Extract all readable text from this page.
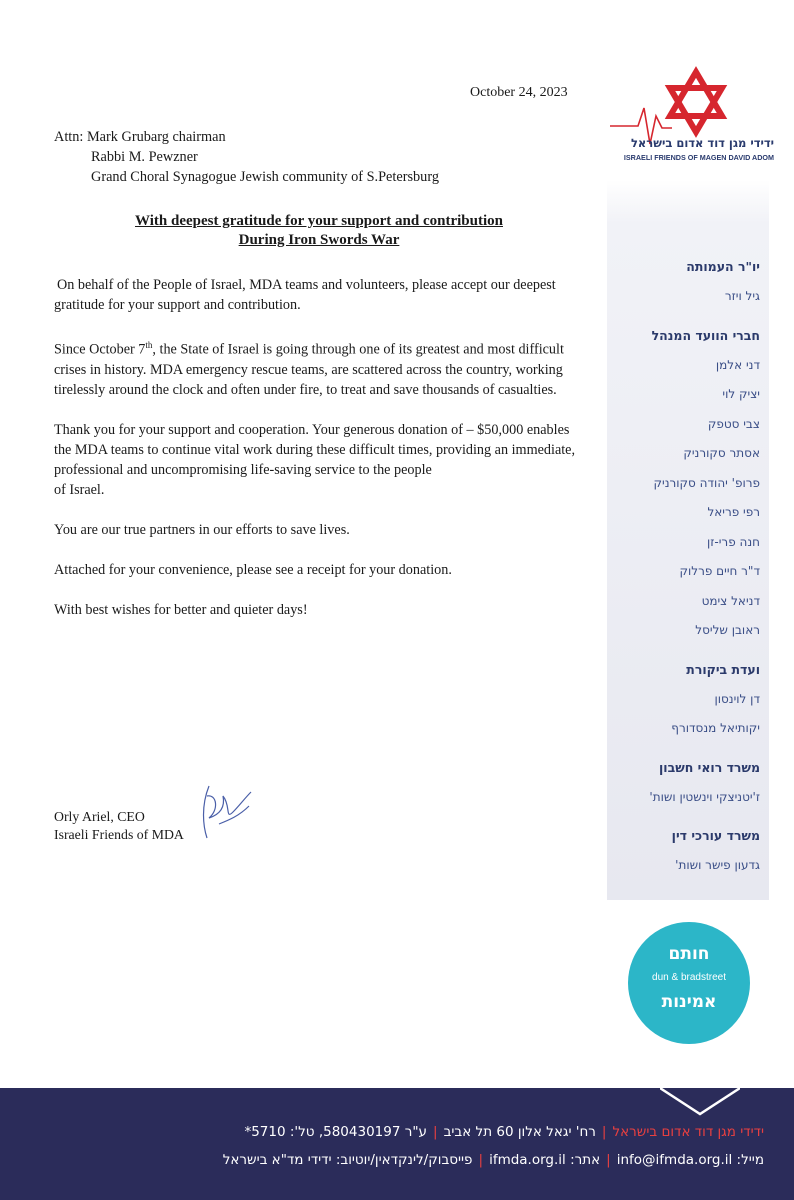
October 24, 2023
ידידי מגן דוד אדום בישראל
ISRAELI FRIENDS OF MAGEN DAVID ADOM
Attn: Mark Grubarg chairman
Rabbi M. Pewzner
Grand Choral Synagogue Jewish community of S.Petersburg
With deepest gratitude for your support and contribution
During Iron Swords War

On behalf of the People of Israel, MDA teams and volunteers, please accept our deepest gratitude for your support and contribution.

Since October 7th, the State of Israel is going through one of its greatest and most difficult crises in history. MDA emergency rescue teams, are scattered across the country, working tirelessly around the clock and often under fire, to treat and save thousands of casualties.

Thank you for your support and cooperation. Your generous donation of – $50,000 enables the MDA teams to continue vital work during these difficult times, providing an immediate, professional and uncompromising life-saving service to the people
of Israel.

You are our true partners in our efforts to save lives.

Attached for your convenience, please see a receipt for your donation.

With best wishes for better and quieter days!

Orly Ariel, CEO
Israeli Friends of MDA
יו"ר העמותה
גיל ויזר
חברי הוועד המנהל
דני אלמן
יציק לוי
צבי סטפק
אסתר סקורניק
פרופ' יהודה סקורניק
רפי פריאל
חנה פרי-זן
ד"ר חיים פרלוק
דניאל צימט
ראובן שליסל
ועדת ביקורת
דן לוינסון
יקותיאל מנסדורף
משרד רואי חשבון
ז'יטניצקי וינשטין ושות'
משרד עורכי דין
גדעון פישר ושות'
חותם
dun & bradstreet
אמינות
ידידי מגן דוד אדום בישראל|רח' יגאל אלון 60 תל אביב|ע"ר 580430197, טל': 5710*
מייל: info@ifmda.org.il|אתר: ifmda.org.il|פייסבוק/לינקדאין/יוטיוב: ידידי מד"א בישראל
